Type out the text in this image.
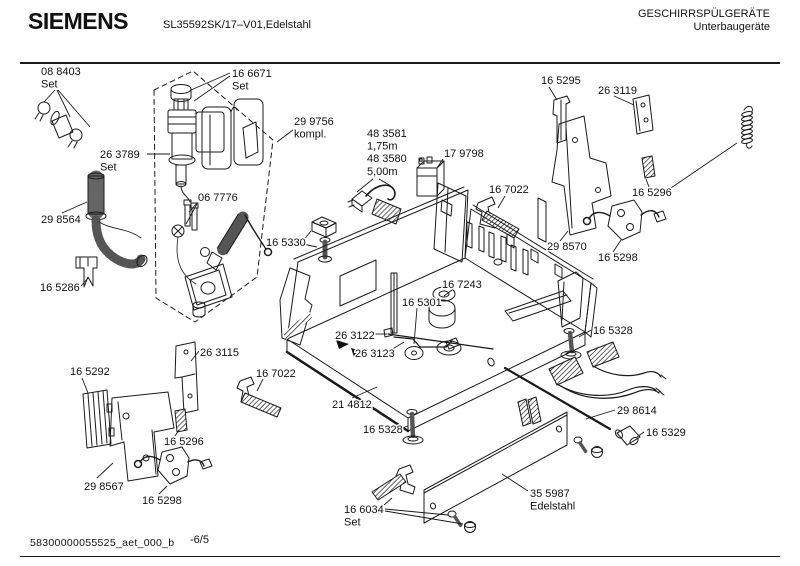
SIEMENS	SL35592SK/17–V01,Edelstahl
GESCHIRRSPÜLGERÄTE
Unterbaugeräte
58300000055525_aet_000_b -6/5
08 8403 Set
16 6671 Set
29 9756 kompl.
26 3789 Set
48 3581 1,75m 48 3580 5,00m
17 9798
16 5295
26 3119
16 7022	16 5296
29 8564
06 7776
16 5330	29 8570
16 5298
16 5286	16 7243
16 5301
26 3122
26 3123
16 5328
26 3115
16 5292	16 7022
21 4812	29 8614
16 5296
16 5329
16 5328
29 8567
16 5298
35 5987 Edelstahl
16 6034 Set
